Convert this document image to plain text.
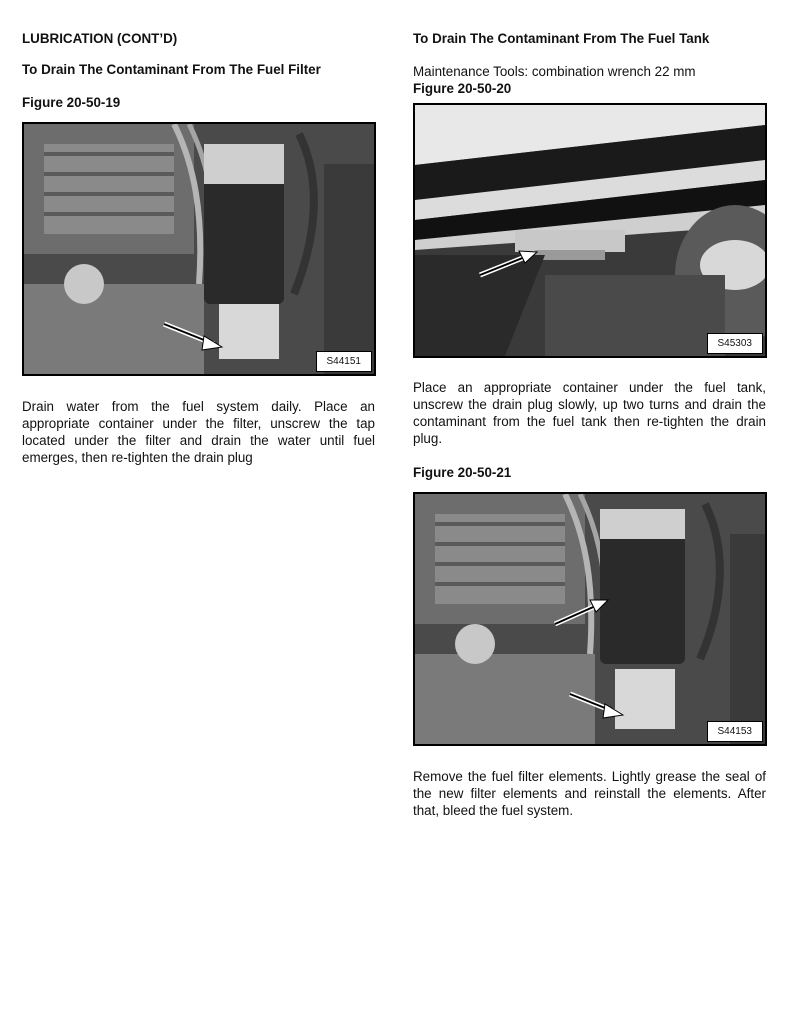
LUBRICATION (CONT’D)
To Drain The Contaminant From The Fuel Filter
Figure 20-50-19
S44151
Drain water from the fuel system daily. Place an appropriate container under the filter, unscrew the tap located under the filter and drain the water until fuel emerges, then re-tighten the drain plug
To Drain The Contaminant From The Fuel Tank
Maintenance Tools: combination wrench 22 mm
Figure 20-50-20
S45303
Place an appropriate container under the fuel tank, unscrew the drain plug slowly, up two turns and drain the contaminant from the fuel tank then re-tighten the drain plug.
Figure 20-50-21
S44153
Remove the fuel filter elements. Lightly grease the seal of the new filter elements and reinstall the elements. After that, bleed the fuel system.
